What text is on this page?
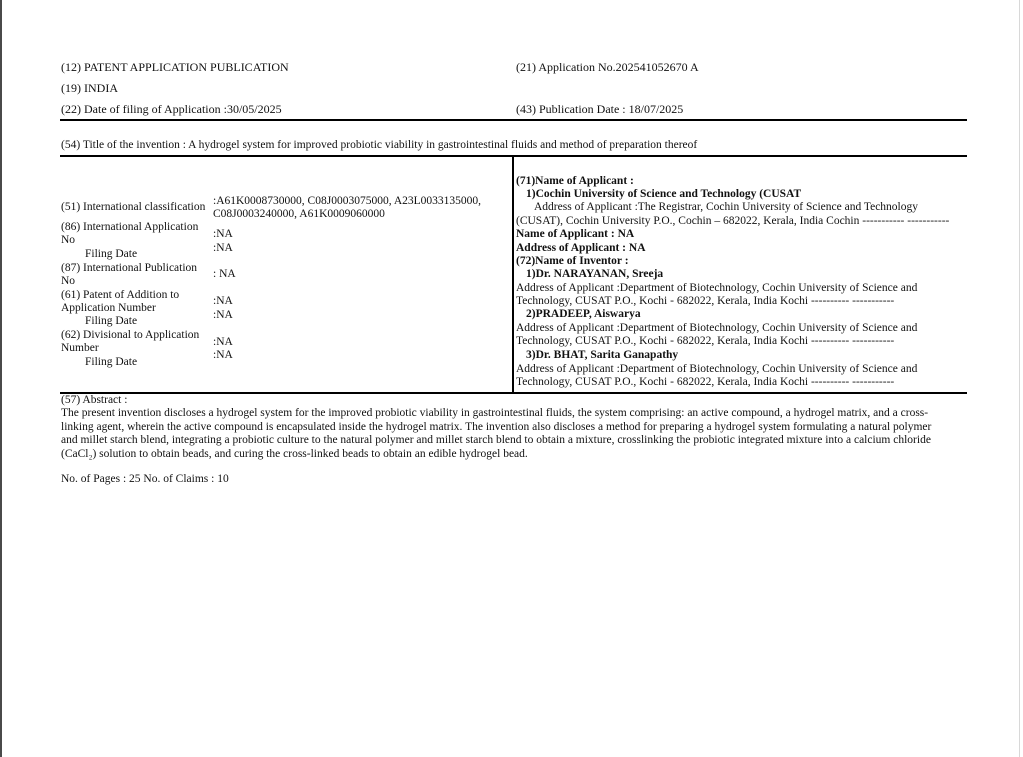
(12) PATENT APPLICATION PUBLICATION
(19) INDIA
(22) Date of filing of Application :30/05/2025
(21) Application No.202541052670 A
(43) Publication Date : 18/07/2025
(54) Title of the invention : A hydrogel system for improved probiotic viability in gastrointestinal fluids and method of preparation thereof
(51) International classification :A61K0008730000, C08J0003075000, A23L0033135000,
C08J0003240000, A61K0009060000
(86) International Application
No	:NA
Filing Date	:NA
(87) International Publication
No
: NA
(61) Patent of Addition to
Application Number
:NA
Filing Date	:NA
(62) Divisional to Application
Number	:NA
Filing Date
:NA
(71)Name of Applicant :
1)Cochin University of Science and Technology (CUSAT
Address of Applicant :The Registrar, Cochin University of Science and Technology
(CUSAT), Cochin University P.O., Cochin – 682022, Kerala, India Cochin ----------- -----------
Name of Applicant : NA
Address of Applicant : NA
(72)Name of Inventor :
1)Dr. NARAYANAN, Sreeja
Address of Applicant :Department of Biotechnology, Cochin University of Science and
Technology, CUSAT P.O., Kochi - 682022, Kerala, India Kochi ---------- -----------
2)PRADEEP, Aiswarya
Address of Applicant :Department of Biotechnology, Cochin University of Science and
Technology, CUSAT P.O., Kochi - 682022, Kerala, India Kochi ---------- -----------
3)Dr. BHAT, Sarita Ganapathy
Address of Applicant :Department of Biotechnology, Cochin University of Science and
Technology, CUSAT P.O., Kochi - 682022, Kerala, India Kochi ---------- -----------
(57) Abstract :
The present invention discloses a hydrogel system for the improved probiotic viability in gastrointestinal fluids, the system comprising: an active compound, a hydrogel matrix, and a cross-
linking agent, wherein the active compound is encapsulated inside the hydrogel matrix. The invention also discloses a method for preparing a hydrogel system formulating a natural polymer
and millet starch blend, integrating a probiotic culture to the natural polymer and millet starch blend to obtain a mixture, crosslinking the probiotic integrated mixture into a calcium chloride
(CaCl₂) solution to obtain beads, and curing the cross-linked beads to obtain an edible hydrogel bead.
No. of Pages : 25 No. of Claims : 10
